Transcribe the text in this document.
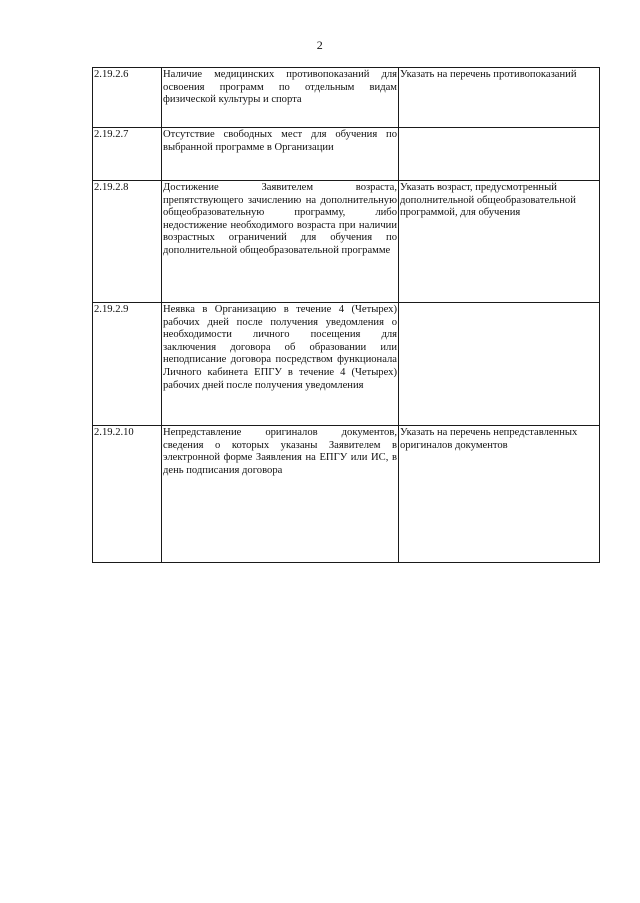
2
2.19.2.6	Наличие медицинских противопоказаний для освоения программ по отдельным видам физической культуры и спорта	Указать на перечень противопоказаний
2.19.2.7	Отсутствие свободных мест для обучения по выбранной программе в Организации	
2.19.2.8	Достижение Заявителем возраста, препятствующего зачислению на дополнительную общеобразовательную программу, либо недостижение необходимого возраста при наличии возрастных ограничений для обучения по дополнительной общеобразовательной программе	Указать возраст, предусмотренный дополнительной общеобразовательной программой, для обучения
2.19.2.9	Неявка в Организацию в течение 4 (Четырех) рабочих дней после получения уведомления о необходимости личного посещения для заключения договора об образовании или неподписание договора посредством функционала Личного кабинета ЕПГУ в течение 4 (Четырех) рабочих дней после получения уведомления	
2.19.2.10	Непредставление оригиналов документов, сведения о которых указаны Заявителем в электронной форме Заявления на ЕПГУ или ИС, в день подписания договора	Указать на перечень непредставленных оригиналов документов
